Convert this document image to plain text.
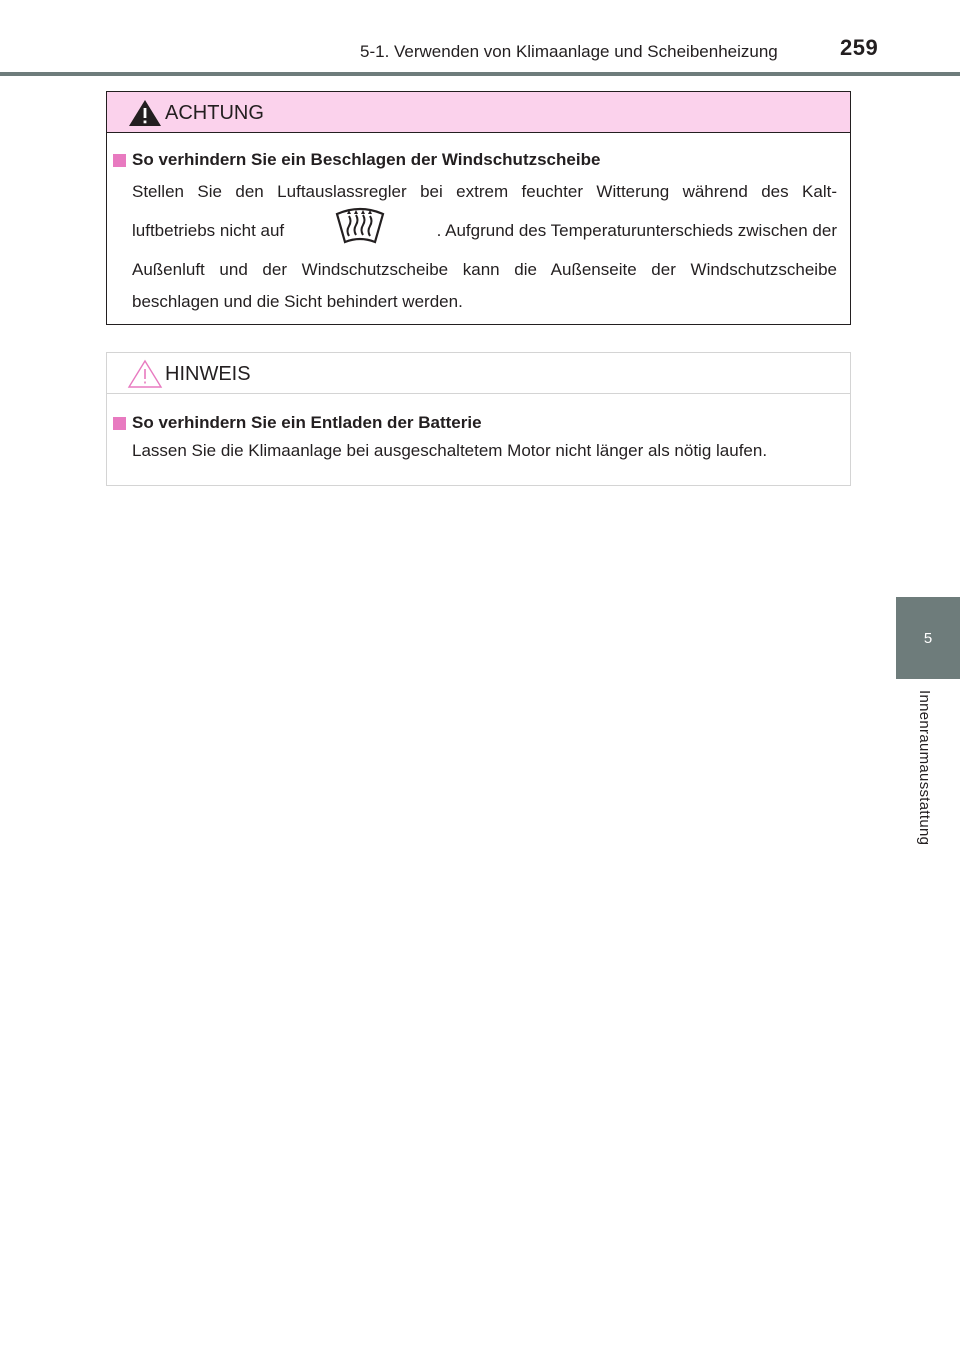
5-1. Verwenden von Klimaanlage und Scheibenheizung	259
5
Innenraumausstattung
ACHTUNG
So verhindern Sie ein Beschlagen der Windschutzscheibe
Stellen Sie den Luftauslassregler bei extrem feuchter Witterung während des Kalt-
luftbetriebs nicht auf	. Aufgrund des Temperaturunterschieds zwischen der
Außenluft und der Windschutzscheibe kann die Außenseite der Windschutzscheibe
beschlagen und die Sicht behindert werden.
HINWEIS
So verhindern Sie ein Entladen der Batterie
Lassen Sie die Klimaanlage bei ausgeschaltetem Motor nicht länger als nötig laufen.
